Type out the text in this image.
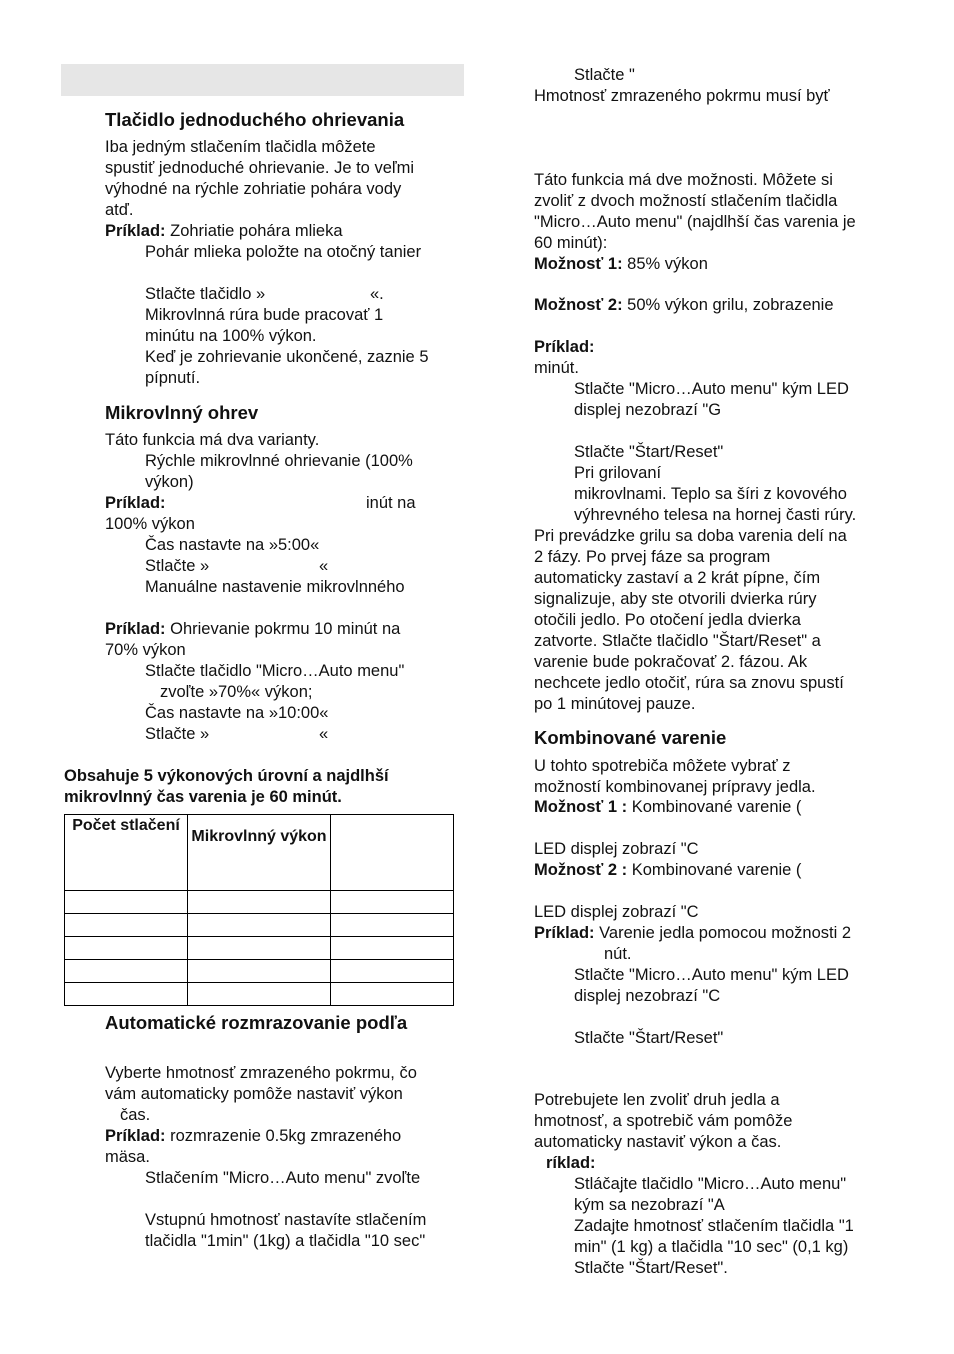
Tlačidlo jednoduchého ohrievania
Iba jedným stlačením tlačidla môžete
spustiť jednoduché ohrievanie. Je to veľmi
výhodné na rýchle zohriatie pohára vody
atď.
Príklad: Zohriatie pohára mlieka
Pohár mlieka položte na otočný tanier
Stlačte tlačidlo »	«.
Mikrovlnná rúra bude pracovať 1
minútu na 100% výkon.
Keď je zohrievanie ukončené, zaznie 5
pípnutí.
Mikrovlnný ohrev
Táto funkcia má dva varianty.
Rýchle mikrovlnné ohrievanie (100%
výkon)
Príklad:	inút na
100% výkon
Čas nastavte na »5:00«
Stlačte »	«
Manuálne nastavenie mikrovlnného
Príklad: Ohrievanie pokrmu 10 minút na
70% výkon
Stlačte tlačidlo "Micro…Auto menu"
zvoľte »70%« výkon;
Čas nastavte na »10:00«
Stlačte »	«
Obsahuje 5 výkonových úrovní a najdlhší
mikrovlnný čas varenia je 60 minút.
Počet stlačení	Mikrovlnný výkon	

Automatické rozmrazovanie podľa
Vyberte hmotnosť zmrazeného pokrmu, čo
vám automaticky pomôže nastaviť výkon
čas.
Príklad: rozmrazenie 0.5kg zmrazeného
mäsa.
Stlačením "Micro…Auto menu" zvoľte
Vstupnú hmotnosť nastavíte stlačením
tlačidla "1min" (1kg) a tlačidla "10 sec"
Stlačte "
Hmotnosť zmrazeného pokrmu musí byť
Táto funkcia má dve možnosti. Môžete si
zvoliť z dvoch možností stlačením tlačidla
"Micro…Auto menu" (najdlhší čas varenia je
60 minút):
Možnosť 1: 85% výkon
Možnosť 2: 50% výkon grilu, zobrazenie
Príklad:
minút.
Stlačte "Micro…Auto menu" kým LED
displej nezobrazí "G
Stlačte "Štart/Reset"
Pri grilovaní
mikrovlnami. Teplo sa šíri z kovového
výhrevného telesa na hornej časti rúry.
Pri prevádzke grilu sa doba varenia delí na
2 fázy. Po prvej fáze sa program
automaticky zastaví a 2 krát pípne, čím
signalizuje, aby ste otvorili dvierka rúry
otočili jedlo. Po otočení jedla dvierka
zatvorte. Stlačte tlačidlo "Štart/Reset" a
varenie bude pokračovať 2. fázou. Ak
nechcete jedlo otočiť, rúra sa znovu spustí
po 1 minútovej pauze.
Kombinované varenie
U tohto spotrebiča môžete vybrať z
možností kombinovanej prípravy jedla.
Možnosť 1 : Kombinované varenie (
LED displej zobrazí "C
Možnosť 2 : Kombinované varenie (
LED displej zobrazí "C
Príklad: Varenie jedla pomocou možnosti 2
nút.
Stlačte "Micro…Auto menu" kým LED
displej nezobrazí "C
Stlačte "Štart/Reset"
Potrebujete len zvoliť druh jedla a
hmotnosť, a spotrebič vám pomôže
automaticky nastaviť výkon a čas.
ríklad:
Stláčajte tlačidlo "Micro…Auto menu"
kým sa nezobrazí "A
Zadajte hmotnosť stlačením tlačidla "1
min" (1 kg) a tlačidla "10 sec" (0,1 kg)
Stlačte "Štart/Reset".
